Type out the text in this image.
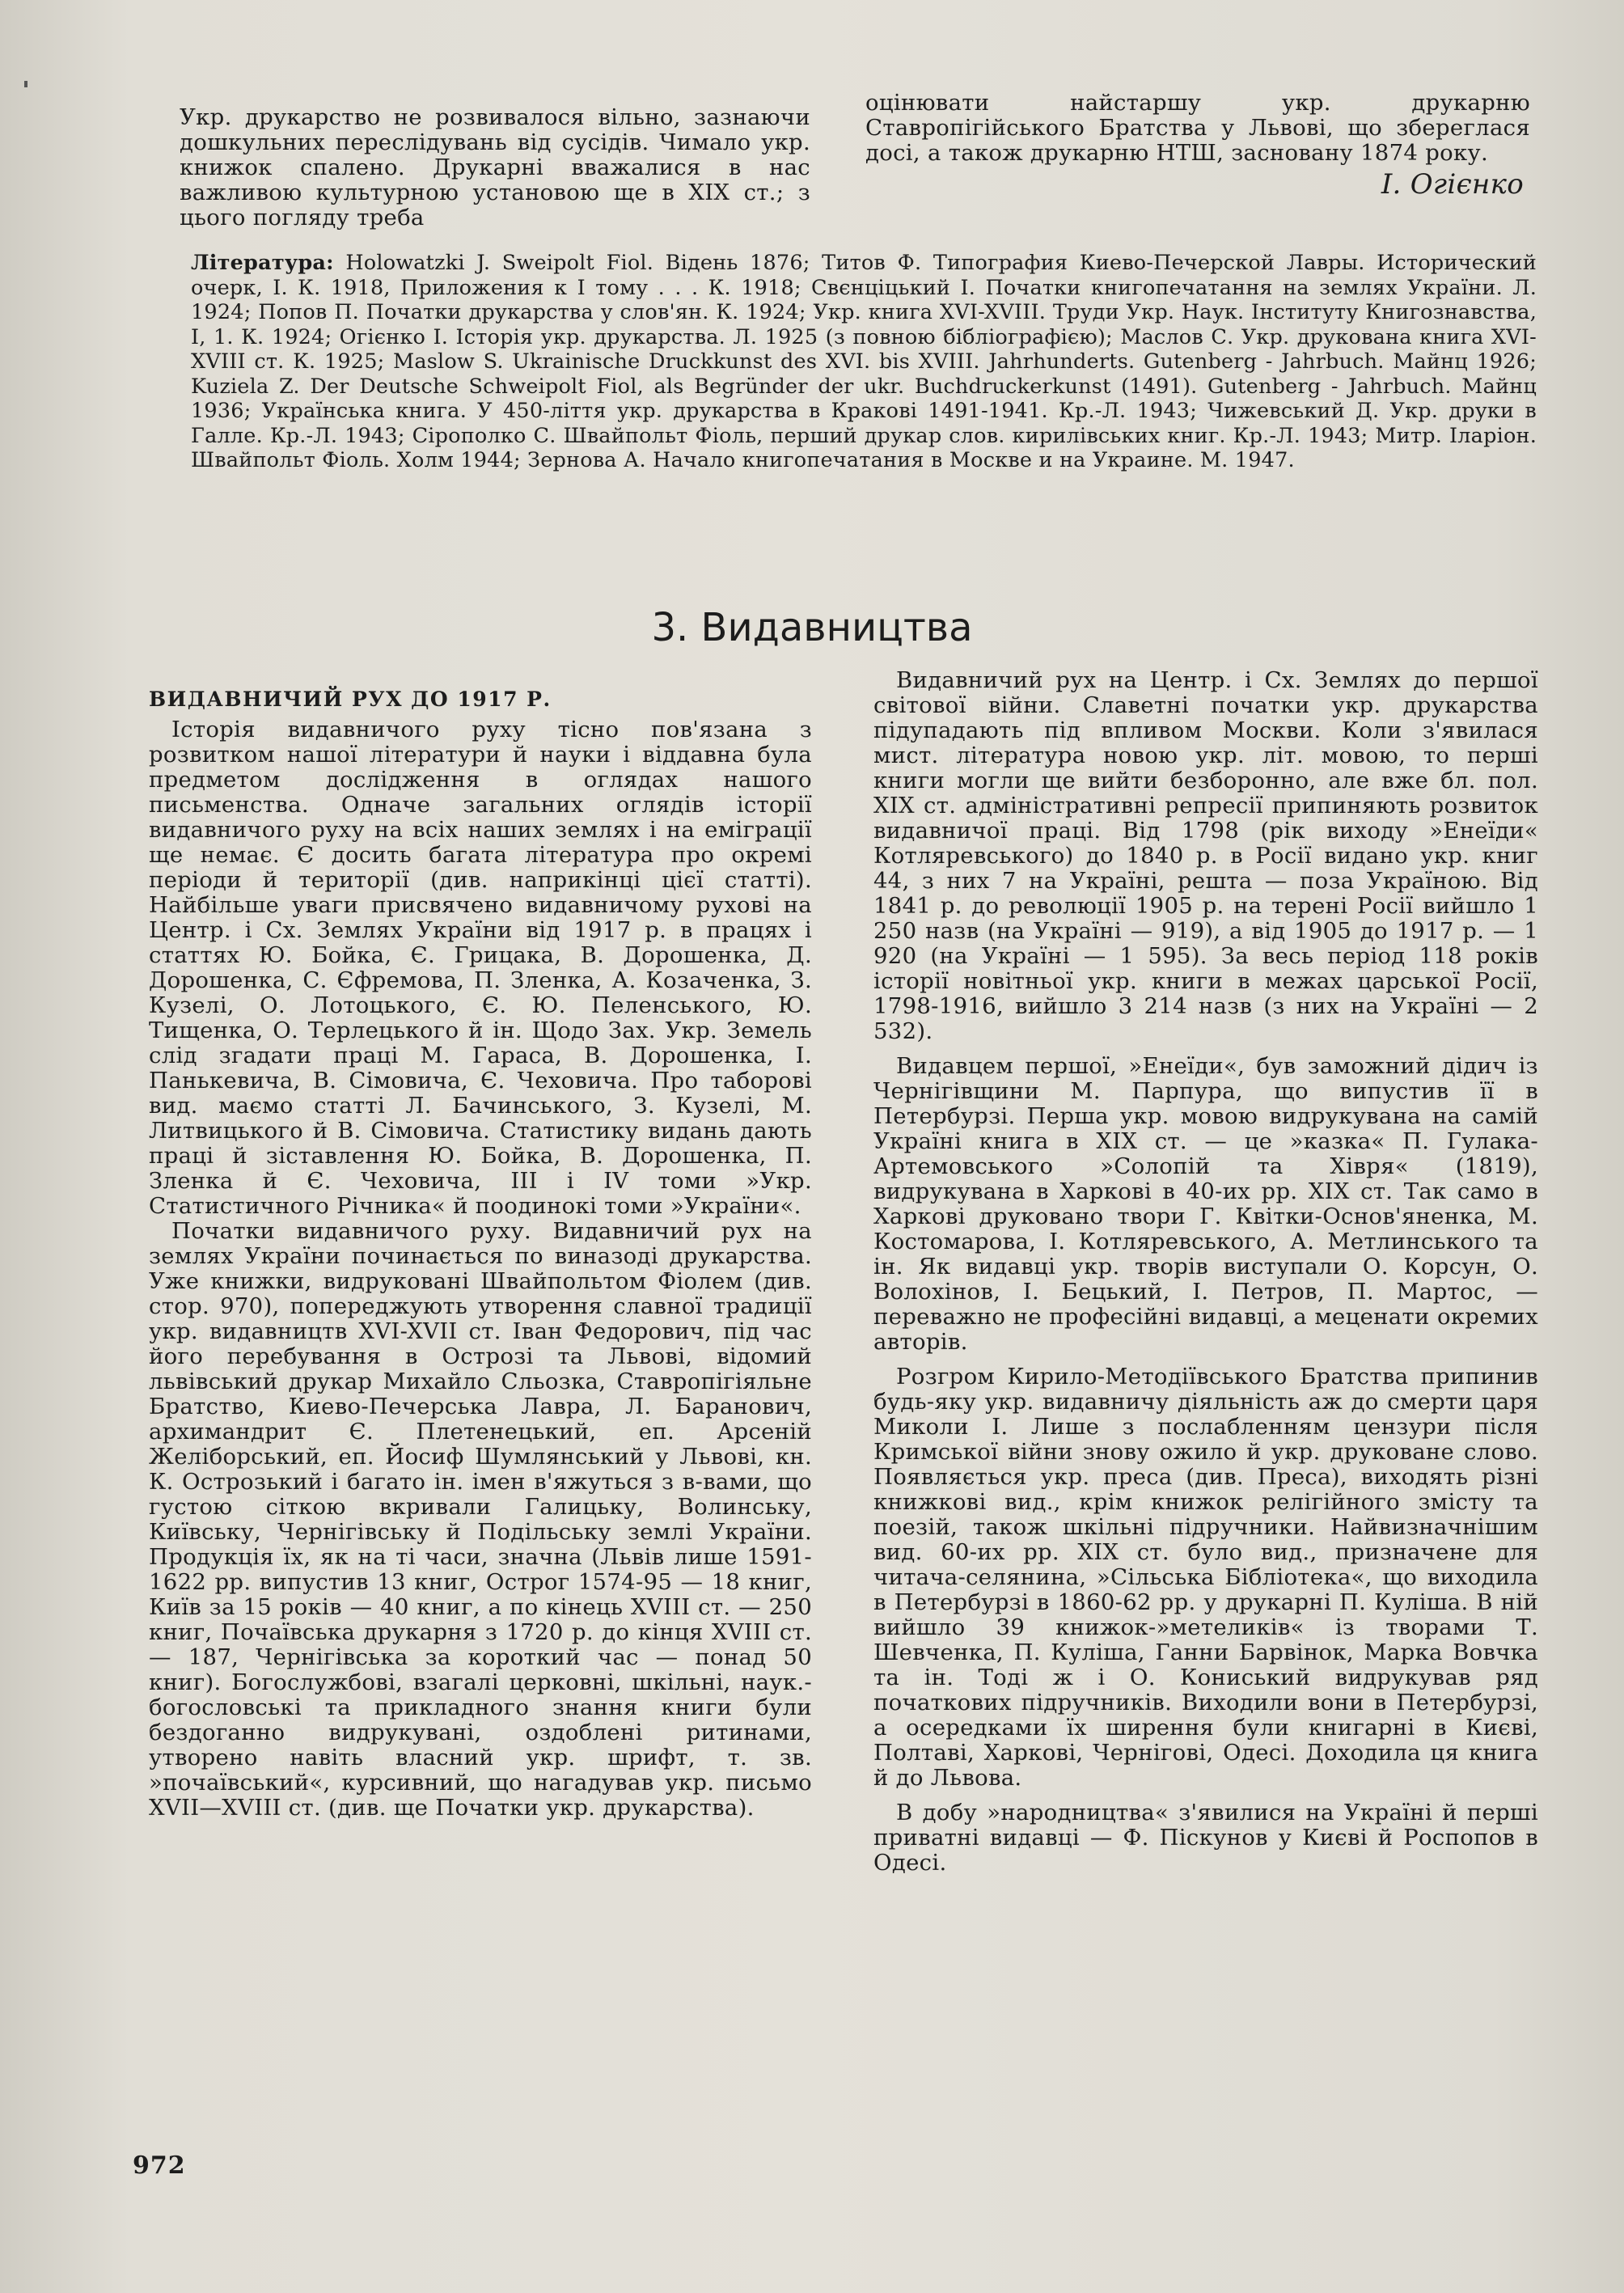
Укр. друкарство не розвивалося вільно, зазнаючи дошкульних переслідувань від сусідів. Чимало укр. книжок спалено. Друкарні вважалися в нас важливою культурною установою ще в XIX ст.; з цього погляду треба

оцінювати найстаршу укр. друкарню Ставропігійського Братства у Львові, що збереглася досі, а також друкарню НТШ, засновану 1874 року.

І. Огієнко

Література: Holowatzki J. Sweipolt Fiol. Відень 1876; Титов Ф. Типография Киево-Печерской Лавры. Исторический очерк, I. К. 1918, Приложения к I тому . . . К. 1918; Свєнціцький І. Початки книгопечатання на землях України. Л. 1924; Попов П. Початки друкарства у слов'ян. К. 1924; Укр. книга XVI-XVIII. Труди Укр. Наук. Інституту Книгознавства, I, 1. К. 1924; Огієнко І. Історія укр. друкарства. Л. 1925 (з повною бібліографією); Маслов С. Укр. друкована книга XVI-XVIII ст. К. 1925; Maslow S. Ukrainische Druckkunst des XVI. bis XVIII. Jahrhunderts. Gutenberg - Jahrbuch. Майнц 1926; Kuziela Z. Der Deutsche Schweipolt Fiol, als Begründer der ukr. Buchdruckerkunst (1491). Gutenberg - Jahrbuch. Майнц 1936; Українська книга. У 450-ліття укр. друкарства в Кракові 1491-1941. Кр.-Л. 1943; Чижевський Д. Укр. друки в Галле. Кр.-Л. 1943; Сірополко С. Швайпольт Фіоль, перший друкар слов. кирилівських книг. Кр.-Л. 1943; Митр. Іларіон. Швайпольт Фіоль. Холм 1944; Зернова А. Начало книгопечатания в Москве и на Украине. М. 1947.

3. Видавництва
ВИДАВНИЧИЙ РУХ ДО 1917 Р.

Історія видавничого руху тісно пов'язана з розвитком нашої літератури й науки і віддавна була предметом дослідження в оглядах нашого письменства. Одначе загальних оглядів історії видавничого руху на всіх наших землях і на еміграції ще немає. Є досить багата література про окремі періоди й території (див. наприкінці цієї статті). Найбільше уваги присвячено видавничому рухові на Центр. і Сх. Землях України від 1917 р. в працях і статтях Ю. Бойка, Є. Грицака, В. Дорошенка, Д. Дорошенка, С. Єфремова, П. Зленка, А. Козаченка, З. Кузелі, О. Лотоцького, Є. Ю. Пеленського, Ю. Тищенка, О. Терлецького й ін. Щодо Зах. Укр. Земель слід згадати праці М. Гараса, В. Дорошенка, І. Панькевича, В. Сімовича, Є. Чеховича. Про таборові вид. маємо статті Л. Бачинського, З. Кузелі, М. Литвицького й В. Сімовича. Статистику видань дають праці й зіставлення Ю. Бойка, В. Дорошенка, П. Зленка й Є. Чеховича, III і IV томи »Укр. Статистичного Річника« й поодинокі томи »України«.

Початки видавничого руху. Видавничий рух на землях України починається по виназоді друкарства. Уже книжки, видруковані Швайпольтом Фіолем (див. стор. 970), попереджують утворення славної традиції укр. видавництв XVI-XVII ст. Іван Федорович, під час його перебування в Острозі та Львові, відомий львівський друкар Михайло Сльозка, Ставропігіяльне Братство, Киево-Печерська Лавра, Л. Баранович, архимандрит Є. Плетенецький, еп. Арсеній Желіборський, еп. Йосиф Шумлянський у Львові, кн. К. Острозький і багато ін. імен в'яжуться з в-вами, що густою сіткою вкривали Галицьку, Волинську, Київську, Чернігівську й Подільську землі України. Продукція їх, як на ті часи, значна (Львів лише 1591-1622 рр. випустив 13 книг, Острог 1574-95 — 18 книг, Київ за 15 років — 40 книг, а по кінець XVIII ст. — 250 книг, Почаївська друкарня з 1720 р. до кінця XVIII ст. — 187, Чернігівська за короткий час — понад 50 книг). Богослужбові, взагалі церковні, шкільні, наук.-богословські та прикладного знання книги були бездоганно видрукувані, оздоблені ритинами, утворено навіть власний укр. шрифт, т. зв. »почаївський«, курсивний, що нагадував укр. письмо XVII—XVIII ст. (див. ще Початки укр. друкарства).

Видавничий рух на Центр. і Сх. Землях до першої світової війни. Славетні початки укр. друкарства підупадають під впливом Москви. Коли з'явилася мист. література новою укр. літ. мовою, то перші книги могли ще вийти безборонно, але вже бл. пол. XIX ст. адміністративні репресії припиняють розвиток видавничої праці. Від 1798 (рік виходу »Енеїди« Котляревського) до 1840 р. в Росії видано укр. книг 44, з них 7 на Україні, решта — поза Україною. Від 1841 р. до революції 1905 р. на терені Росії вийшло 1 250 назв (на Україні — 919), а від 1905 до 1917 р. — 1 920 (на Україні — 1 595). За весь період 118 років історії новітньої укр. книги в межах царської Росії, 1798-1916, вийшло 3 214 назв (з них на Україні — 2 532).

Видавцем першої, »Енеїди«, був заможний дідич із Чернігівщини М. Парпура, що випустив її в Петербурзі. Перша укр. мовою видрукувана на самій Україні книга в XIX ст. — це »казка« П. Гулака-Артемовського »Солопій та Хівря« (1819), видрукувана в Харкові в 40-их рр. XIX ст. Так само в Харкові друковано твори Г. Квітки-Основ'яненка, М. Костомарова, І. Котляревського, А. Метлинського та ін. Як видавці укр. творів виступали О. Корсун, О. Волохінов, І. Бецький, І. Петров, П. Мартос, — переважно не професійні видавці, а меценати окремих авторів.

Розгром Кирило-Методіївського Братства припинив будь-яку укр. видавничу діяльність аж до смерти царя Миколи І. Лише з послабленням цензури після Кримської війни знову ожило й укр. друковане слово. Появляється укр. преса (див. Преса), виходять різні книжкові вид., крім книжок релігійного змісту та поезій, також шкільні підручники. Найвизначнішим вид. 60-их рр. XIX ст. було вид., призначене для читача-селянина, »Сільська Бібліотека«, що виходила в Петербурзі в 1860-62 рр. у друкарні П. Куліша. В ній вийшло 39 книжок-»метеликів« із творами Т. Шевченка, П. Куліша, Ганни Барвінок, Марка Вовчка та ін. Тоді ж і О. Кониський видрукував ряд початкових підручників. Виходили вони в Петербурзі, а осередками їх ширення були книгарні в Києві, Полтаві, Харкові, Чернігові, Одесі. Доходила ця книга й до Львова.

В добу »народництва« з'явилися на Україні й перші приватні видавці — Ф. Піскунов у Києві й Роспопов в Одесі.

972
